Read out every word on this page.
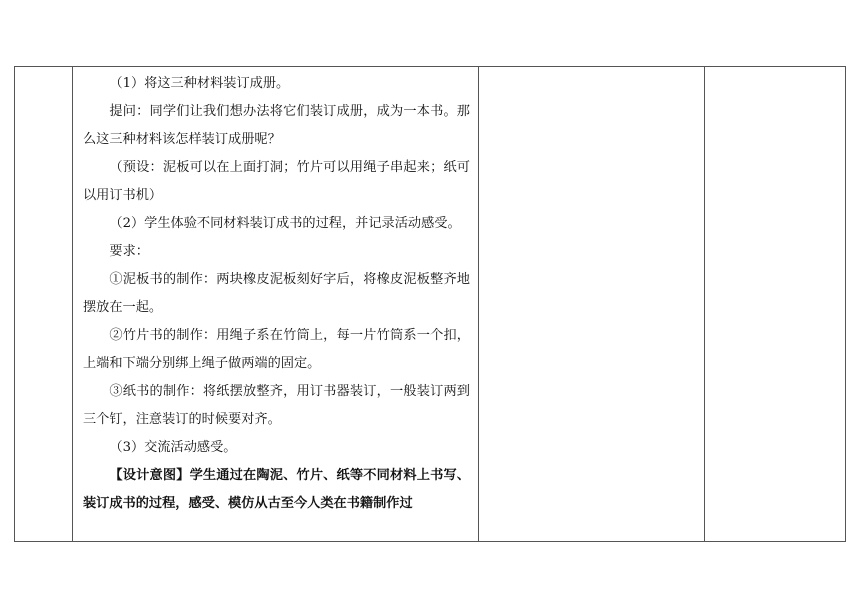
（1）将这三种材料装订成册。

提问：同学们让我们想办法将它们装订成册，成为一本书。那么这三种材料该怎样装订成册呢？

（预设：泥板可以在上面打洞；竹片可以用绳子串起来；纸可以用订书机）

（2）学生体验不同材料装订成书的过程，并记录活动感受。

要求：

①泥板书的制作：两块橡皮泥板刻好字后，将橡皮泥板整齐地摆放在一起。

②竹片书的制作：用绳子系在竹筒上，每一片竹筒系一个扣，上端和下端分别绑上绳子做两端的固定。

③纸书的制作：将纸摆放整齐，用订书器装订，一般装订两到三个钉，注意装订的时候要对齐。

（3）交流活动感受。

【设计意图】学生通过在陶泥、竹片、纸等不同材料上书写、装订成书的过程，感受、模仿从古至今人类在书籍制作过
